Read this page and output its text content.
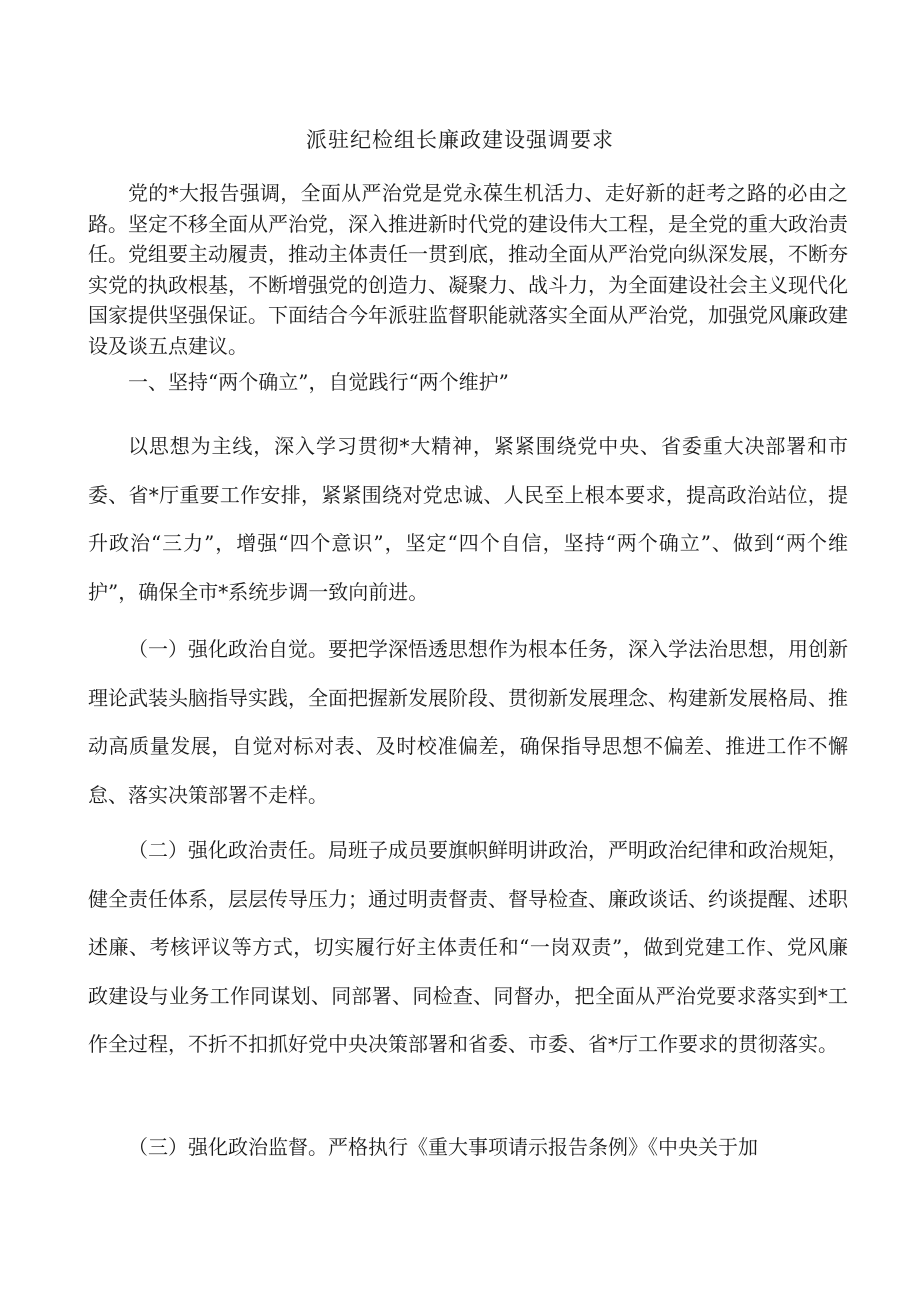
派驻纪检组长廉政建设强调要求

党的*大报告强调，全面从严治党是党永葆生机活力、走好新的赶考之路的必由之路。坚定不移全面从严治党，深入推进新时代党的建设伟大工程，是全党的重大政治责任。党组要主动履责，推动主体责任一贯到底，推动全面从严治党向纵深发展，不断夯实党的执政根基，不断增强党的创造力、凝聚力、战斗力，为全面建设社会主义现代化国家提供坚强保证。下面结合今年派驻监督职能就落实全面从严治党，加强党风廉政建设及谈五点建议。

一、坚持“两个确立”，自觉践行“两个维护”

以思想为主线，深入学习贯彻*大精神，紧紧围绕党中央、省委重大决部署和市委、省*厅重要工作安排，紧紧围绕对党忠诚、人民至上根本要求，提高政治站位，提升政治“三力”，增强“四个意识”，坚定“四个自信，坚持“两个确立”、做到“两个维护”，确保全市*系统步调一致向前进。

（一）强化政治自觉。要把学深悟透思想作为根本任务，深入学法治思想，用创新理论武装头脑指导实践，全面把握新发展阶段、贯彻新发展理念、构建新发展格局、推动高质量发展，自觉对标对表、及时校准偏差，确保指导思想不偏差、推进工作不懈怠、落实决策部署不走样。

（二）强化政治责任。局班子成员要旗帜鲜明讲政治，严明政治纪律和政治规矩，健全责任体系，层层传导压力；通过明责督责、督导检查、廉政谈话、约谈提醒、述职述廉、考核评议等方式，切实履行好主体责任和“一岗双责”，做到党建工作、党风廉政建设与业务工作同谋划、同部署、同检查、同督办，把全面从严治党要求落实到*工作全过程，不折不扣抓好党中央决策部署和省委、市委、省*厅工作要求的贯彻落实。

（三）强化政治监督。严格执行《重大事项请示报告条例》《中央关于加
